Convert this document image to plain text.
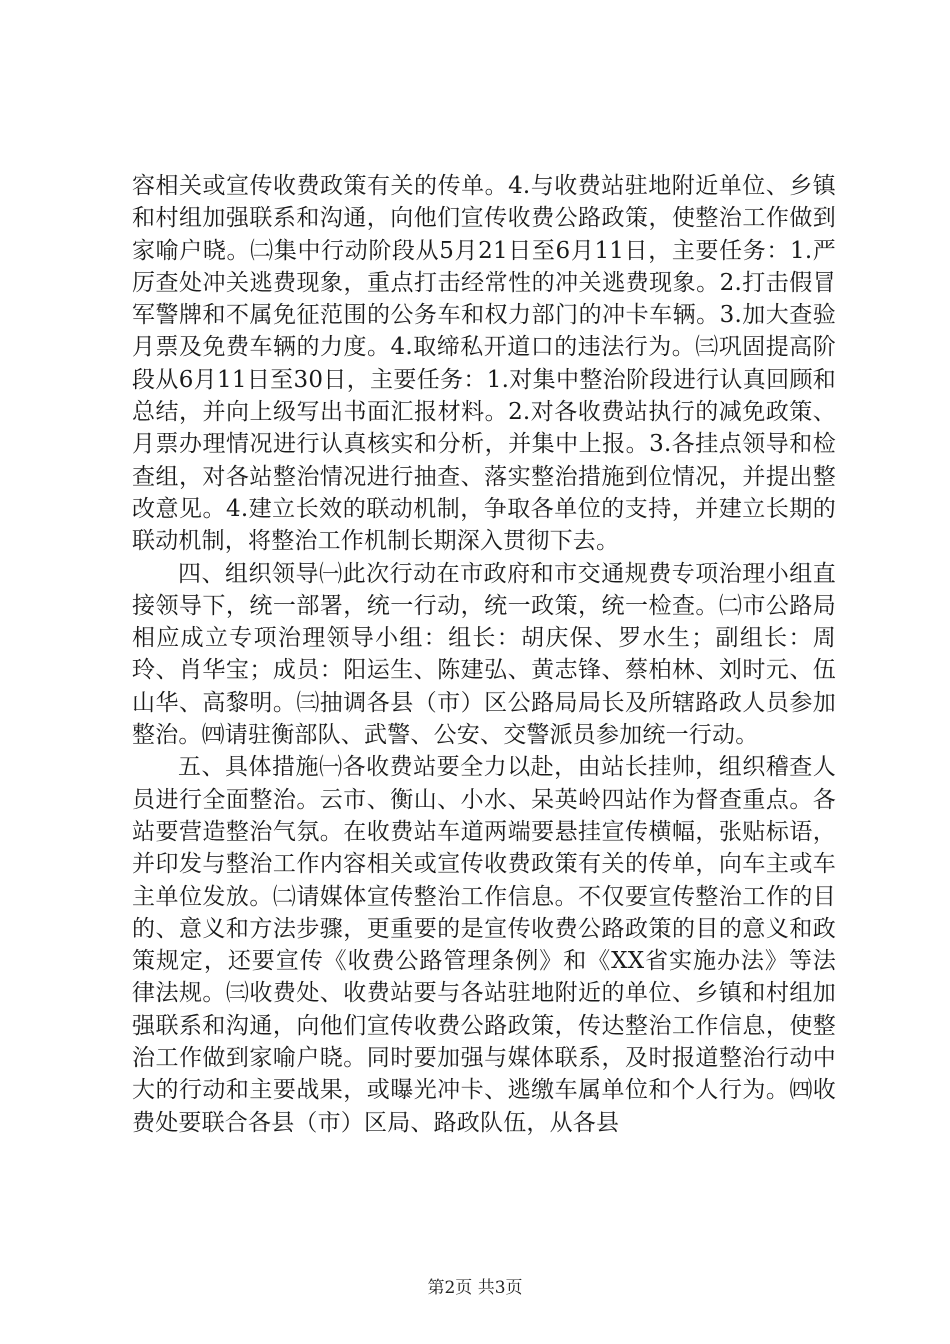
容相关或宣传收费政策有关的传单。4.与收费站驻地附近单位、乡镇和村组加强联系和沟通，向他们宣传收费公路政策，使整治工作做到家喻户晓。㈡集中行动阶段从5月21日至6月11日，主要任务：1.严厉查处冲关逃费现象，重点打击经常性的冲关逃费现象。2.打击假冒军警牌和不属免征范围的公务车和权力部门的冲卡车辆。3.加大查验月票及免费车辆的力度。4.取缔私开道口的违法行为。㈢巩固提高阶段从6月11日至30日，主要任务：1.对集中整治阶段进行认真回顾和总结，并向上级写出书面汇报材料。2.对各收费站执行的减免政策、月票办理情况进行认真核实和分析，并集中上报。3.各挂点领导和检查组，对各站整治情况进行抽查、落实整治措施到位情况，并提出整改意见。4.建立长效的联动机制，争取各单位的支持，并建立长期的联动机制，将整治工作机制长期深入贯彻下去。

四、组织领导㈠此次行动在市政府和市交通规费专项治理小组直接领导下，统一部署，统一行动，统一政策，统一检查。㈡市公路局相应成立专项治理领导小组：组长：胡庆保、罗水生；副组长：周玲、肖华宝；成员：阳运生、陈建弘、黄志锋、蔡柏林、刘时元、伍山华、高黎明。㈢抽调各县（市）区公路局局长及所辖路政人员参加整治。㈣请驻衡部队、武警、公安、交警派员参加统一行动。

五、具体措施㈠各收费站要全力以赴，由站长挂帅，组织稽查人员进行全面整治。云市、衡山、小水、呆英岭四站作为督查重点。各站要营造整治气氛。在收费站车道两端要悬挂宣传横幅，张贴标语，并印发与整治工作内容相关或宣传收费政策有关的传单，向车主或车主单位发放。㈡请媒体宣传整治工作信息。不仅要宣传整治工作的目的、意义和方法步骤，更重要的是宣传收费公路政策的目的意义和政策规定，还要宣传《收费公路管理条例》和《XX省实施办法》等法律法规。㈢收费处、收费站要与各站驻地附近的单位、乡镇和村组加强联系和沟通，向他们宣传收费公路政策，传达整治工作信息，使整治工作做到家喻户晓。同时要加强与媒体联系，及时报道整治行动中大的行动和主要战果，或曝光冲卡、逃缴车属单位和个人行为。㈣收费处要联合各县（市）区局、路政队伍，从各县

第2页 共3页
